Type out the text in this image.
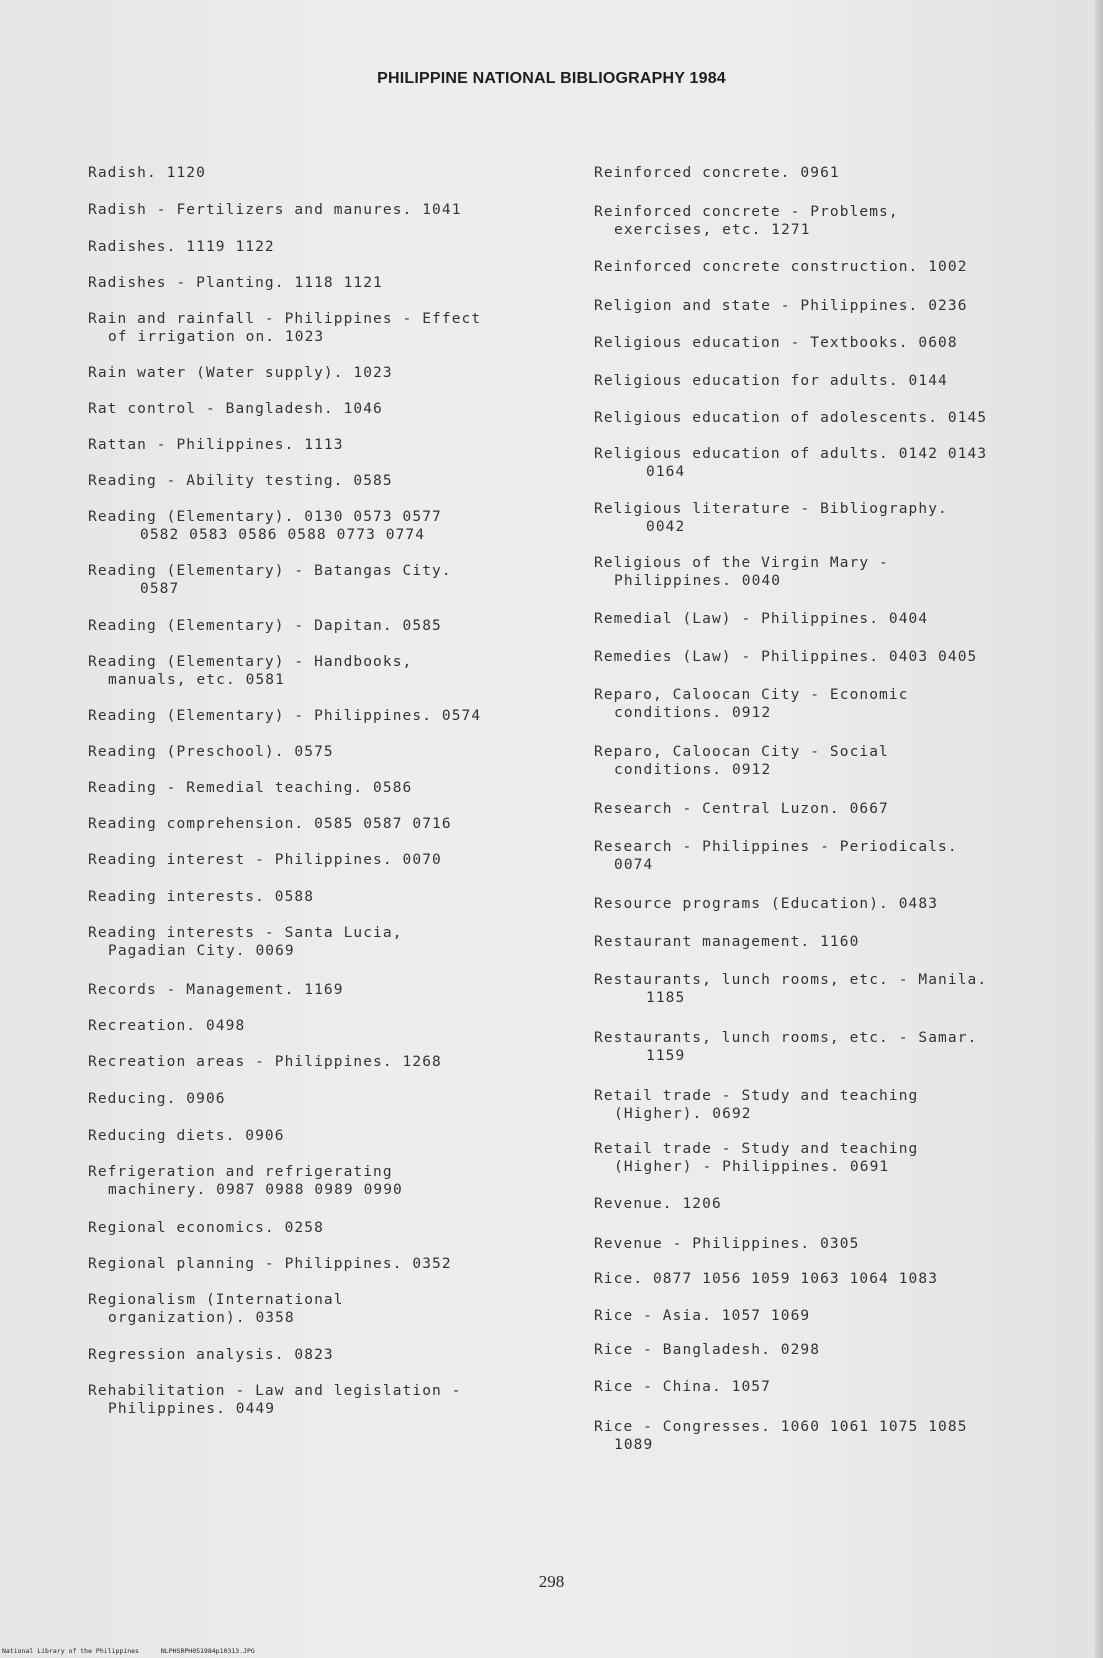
PHILIPPINE NATIONAL BIBLIOGRAPHY 1984
Radish. 1120
Radish - Fertilizers and manures. 1041
Radishes. 1119 1122
Radishes - Planting. 1118 1121
Rain and rainfall - Philippines - Effect
of irrigation on. 1023
Rain water (Water supply). 1023
Rat control - Bangladesh. 1046
Rattan - Philippines. 1113
Reading - Ability testing. 0585
Reading (Elementary). 0130 0573 0577
0582 0583 0586 0588 0773 0774
Reading (Elementary) - Batangas City.
0587
Reading (Elementary) - Dapitan. 0585
Reading (Elementary) - Handbooks,
manuals, etc. 0581
Reading (Elementary) - Philippines. 0574
Reading (Preschool). 0575
Reading - Remedial teaching. 0586
Reading comprehension. 0585 0587 0716
Reading interest - Philippines. 0070
Reading interests. 0588
Reading interests - Santa Lucia,
Pagadian City. 0069
Records - Management. 1169
Recreation. 0498
Recreation areas - Philippines. 1268
Reducing. 0906
Reducing diets. 0906
Refrigeration and refrigerating
machinery. 0987 0988 0989 0990
Regional economics. 0258
Regional planning - Philippines. 0352
Regionalism (International
organization). 0358
Regression analysis. 0823
Rehabilitation - Law and legislation -
Philippines. 0449
Reinforced concrete. 0961
Reinforced concrete - Problems,
exercises, etc. 1271
Reinforced concrete construction. 1002
Religion and state - Philippines. 0236
Religious education - Textbooks. 0608
Religious education for adults. 0144
Religious education of adolescents. 0145
Religious education of adults. 0142 0143
0164
Religious literature - Bibliography.
0042
Religious of the Virgin Mary -
Philippines. 0040
Remedial (Law) - Philippines. 0404
Remedies (Law) - Philippines. 0403 0405
Reparo, Caloocan City - Economic
conditions. 0912
Reparo, Caloocan City - Social
conditions. 0912
Research - Central Luzon. 0667
Research - Philippines - Periodicals.
0074
Resource programs (Education). 0483
Restaurant management. 1160
Restaurants, lunch rooms, etc. - Manila.
1185
Restaurants, lunch rooms, etc. - Samar.
1159
Retail trade - Study and teaching
(Higher). 0692
Retail trade - Study and teaching
(Higher) - Philippines. 0691
Revenue. 1206
Revenue - Philippines. 0305
Rice. 0877 1056 1059 1063 1064 1083
Rice - Asia. 1057 1069
Rice - Bangladesh. 0298
Rice - China. 1057
Rice - Congresses. 1060 1061 1075 1085
1089
298
National Library of the Philippines	NLPHSRPH051984p10313.JPG
